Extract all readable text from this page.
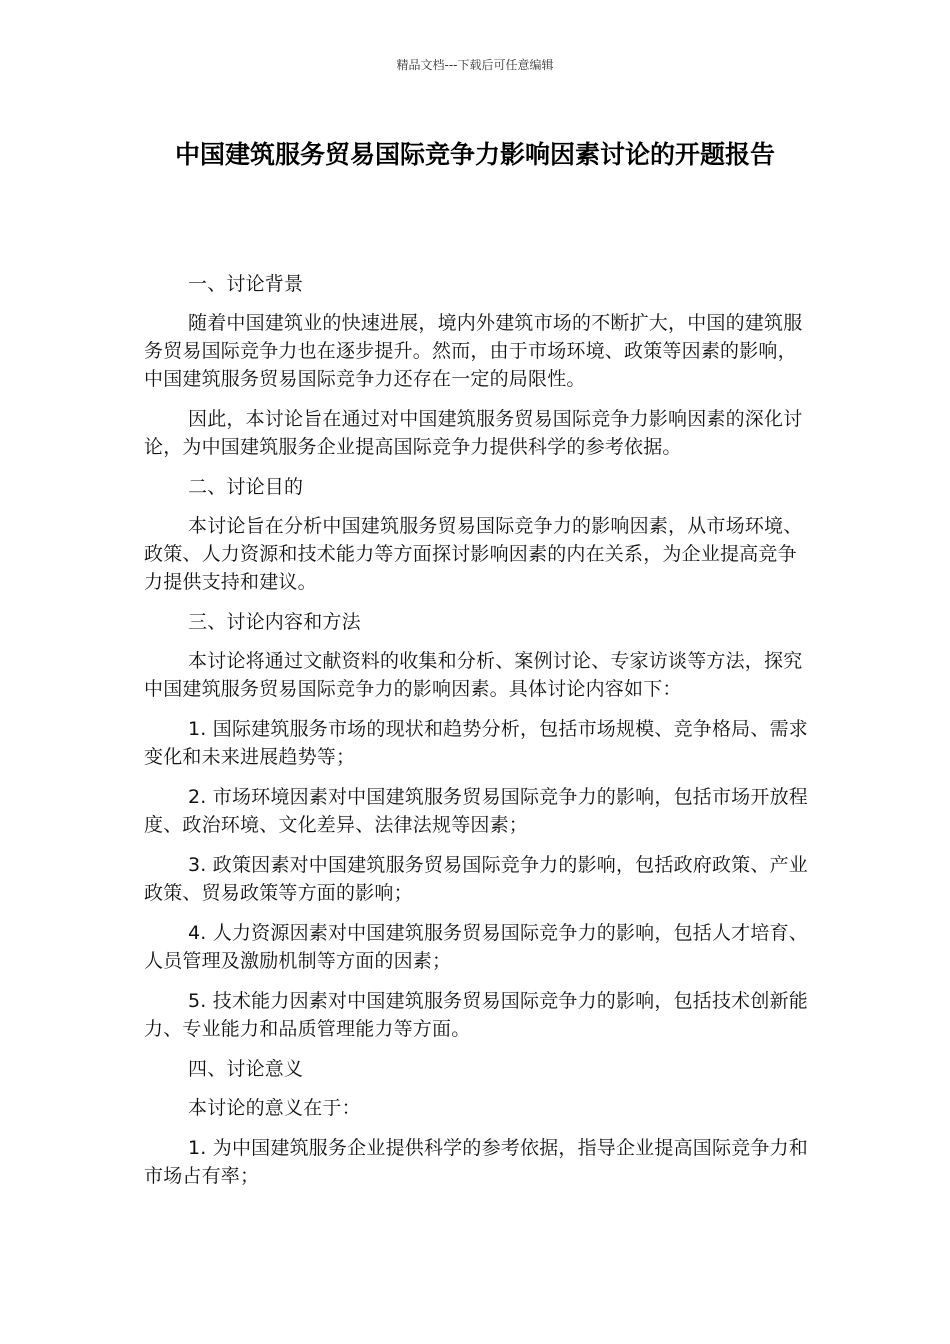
精品文档---下载后可任意编辑
中国建筑服务贸易国际竞争力影响因素讨论的开题报告

一、讨论背景

随着中国建筑业的快速进展，境内外建筑市场的不断扩大，中国的建筑服务贸易国际竞争力也在逐步提升。然而，由于市场环境、政策等因素的影响，中国建筑服务贸易国际竞争力还存在一定的局限性。

因此，本讨论旨在通过对中国建筑服务贸易国际竞争力影响因素的深化讨论，为中国建筑服务企业提高国际竞争力提供科学的参考依据。

二、讨论目的

本讨论旨在分析中国建筑服务贸易国际竞争力的影响因素，从市场环境、政策、人力资源和技术能力等方面探讨影响因素的内在关系，为企业提高竞争力提供支持和建议。

三、讨论内容和方法

本讨论将通过文献资料的收集和分析、案例讨论、专家访谈等方法，探究中国建筑服务贸易国际竞争力的影响因素。具体讨论内容如下：

1. 国际建筑服务市场的现状和趋势分析，包括市场规模、竞争格局、需求变化和未来进展趋势等；

2. 市场环境因素对中国建筑服务贸易国际竞争力的影响，包括市场开放程度、政治环境、文化差异、法律法规等因素；

3. 政策因素对中国建筑服务贸易国际竞争力的影响，包括政府政策、产业政策、贸易政策等方面的影响；

4. 人力资源因素对中国建筑服务贸易国际竞争力的影响，包括人才培育、人员管理及激励机制等方面的因素；

5. 技术能力因素对中国建筑服务贸易国际竞争力的影响，包括技术创新能力、专业能力和品质管理能力等方面。

四、讨论意义

本讨论的意义在于：

1. 为中国建筑服务企业提供科学的参考依据，指导企业提高国际竞争力和市场占有率；
